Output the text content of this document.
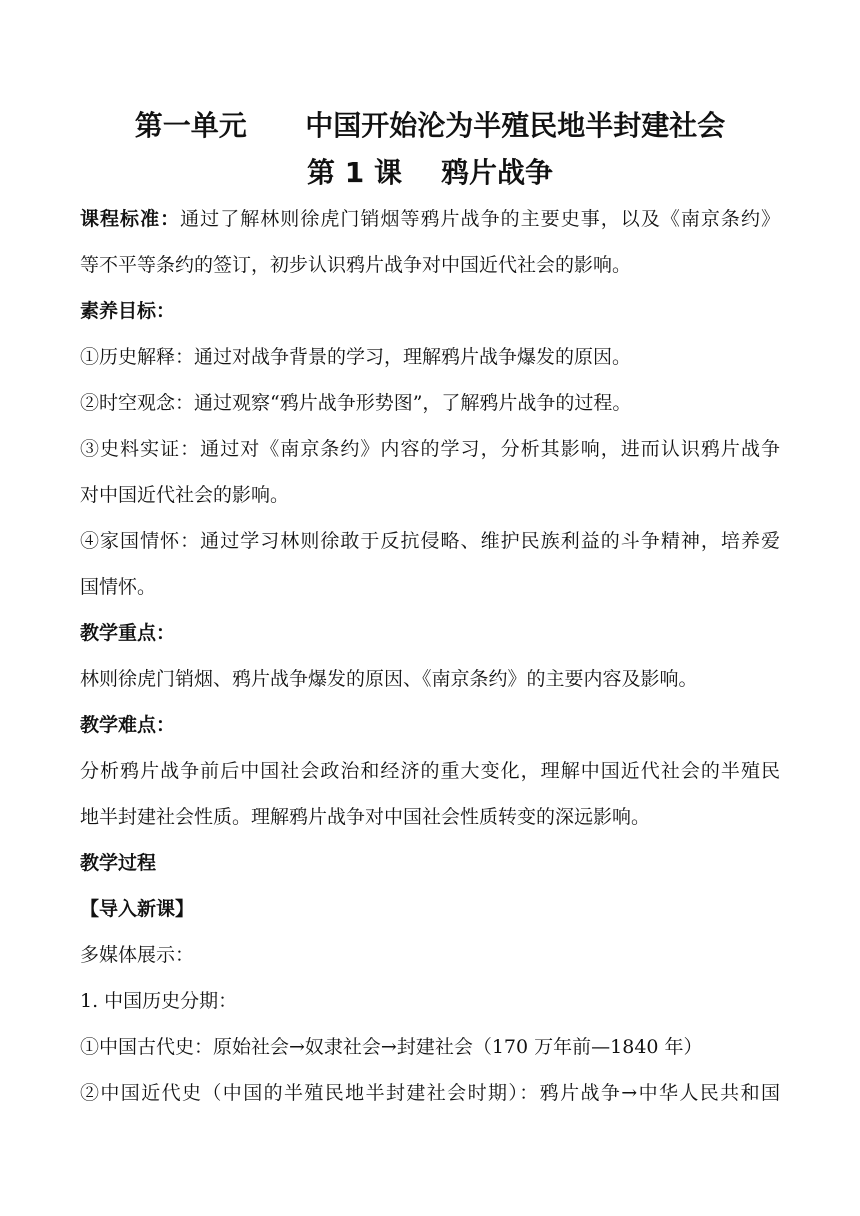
第一单元      中国开始沦为半殖民地半封建社会
第 1 课    鸦片战争
课程标准：通过了解林则徐虎门销烟等鸦片战争的主要史事，以及《南京条约》
等不平等条约的签订，初步认识鸦片战争对中国近代社会的影响。
素养目标：
①历史解释：通过对战争背景的学习，理解鸦片战争爆发的原因。
②时空观念：通过观察“鸦片战争形势图”，了解鸦片战争的过程。
③史料实证：通过对《南京条约》内容的学习，分析其影响，进而认识鸦片战争
对中国近代社会的影响。
④家国情怀：通过学习林则徐敢于反抗侵略、维护民族利益的斗争精神，培养爱
国情怀。
教学重点：
林则徐虎门销烟、鸦片战争爆发的原因、《南京条约》的主要内容及影响。
教学难点：
分析鸦片战争前后中国社会政治和经济的重大变化，理解中国近代社会的半殖民
地半封建社会性质。理解鸦片战争对中国社会性质转变的深远影响。
教学过程
【导入新课】
多媒体展示：
1. 中国历史分期：
①中国古代史：原始社会→奴隶社会→封建社会（170 万年前—1840 年）
②中国近代史（中国的半殖民地半封建社会时期）：鸦片战争→中华人民共和国
